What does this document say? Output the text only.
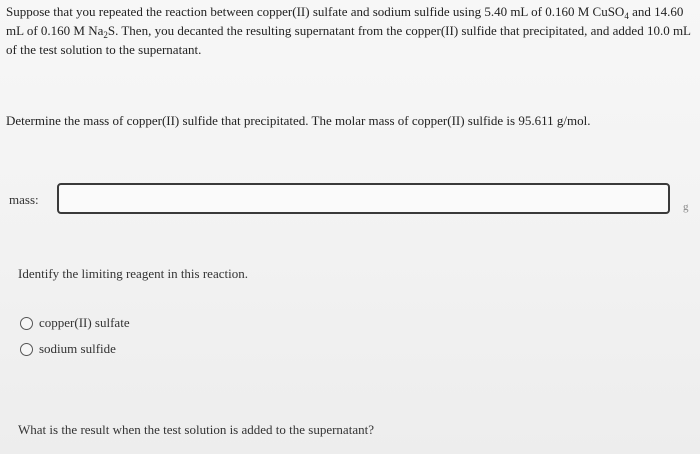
Suppose that you repeated the reaction between copper(II) sulfate and sodium sulfide using 5.40 mL of 0.160 M CuSO$_4$ and 14.60 mL of 0.160 M $Na_2S$. Then, you decanted the resulting supernatant from the copper(II) sulfide that precipitated, and added 10.0 mL of the test solution to the supernatant.
Determine the mass of copper(II) sulfide that precipitated. The molar mass of copper(II) sulfide is 95.611 g/mol.
mass:	g
Identify the limiting reagent in this reaction.
copper(II) sulfate
sodium sulfide
What is the result when the test solution is added to the supernatant?
